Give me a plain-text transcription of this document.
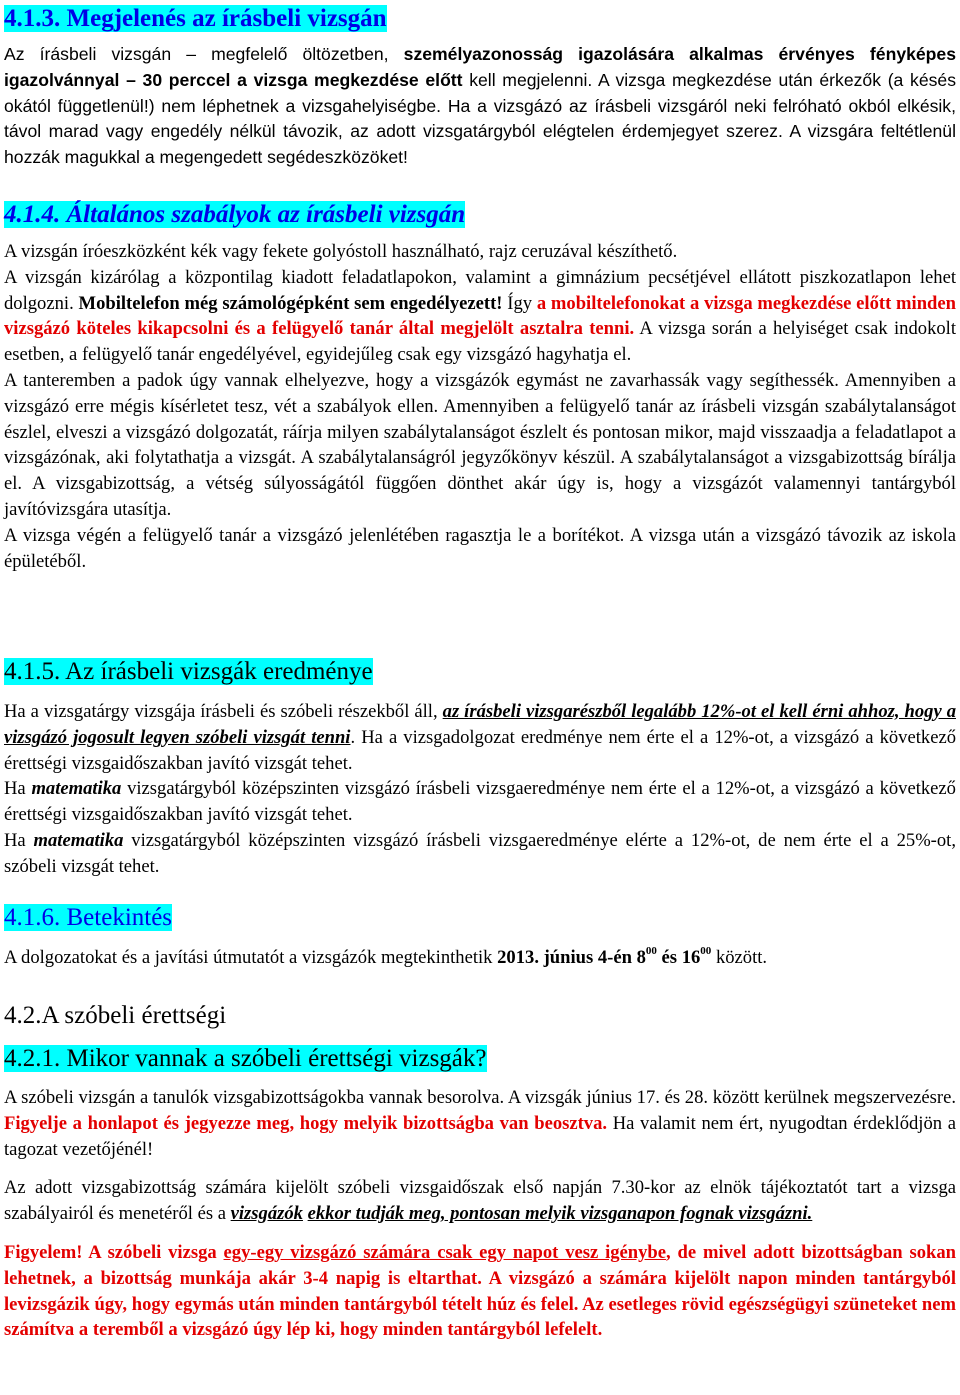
4.1.3. Megjelenés az írásbeli vizsgán

Az írásbeli vizsgán – megfelelő öltözetben, személyazonosság igazolására alkalmas érvényes fényképes igazolvánnyal – 30 perccel a vizsga megkezdése előtt kell megjelenni. A vizsga megkezdése után érkezők (a késés okától függetlenül!) nem léphetnek a vizsgahelyiségbe. Ha a vizsgázó az írásbeli vizsgáról neki felróható okból elkésik, távol marad vagy engedély nélkül távozik, az adott vizsgatárgyból elégtelen érdemjegyet szerez. A vizsgára feltétlenül hozzák magukkal a megengedett segédeszközöket!

4.1.4. Általános szabályok az írásbeli vizsgán

A vizsgán íróeszközként kék vagy fekete golyóstoll használható, rajz ceruzával készíthető.

A vizsgán kizárólag a központilag kiadott feladatlapokon, valamint a gimnázium pecsétjével ellátott piszkozatlapon lehet dolgozni. Mobiltelefon még számológépként sem engedélyezett! Így a mobiltelefonokat a vizsga megkezdése előtt minden vizsgázó köteles kikapcsolni és a felügyelő tanár által megjelölt asztalra tenni. A vizsga során a helyiséget csak indokolt esetben, a felügyelő tanár engedélyével, egyidejűleg csak egy vizsgázó hagyhatja el.

A tanteremben a padok úgy vannak elhelyezve, hogy a vizsgázók egymást ne zavarhassák vagy segíthessék. Amennyiben a vizsgázó erre mégis kísérletet tesz, vét a szabályok ellen. Amennyiben a felügyelő tanár az írásbeli vizsgán szabálytalanságot észlel, elveszi a vizsgázó dolgozatát, ráírja milyen szabálytalanságot észlelt és pontosan mikor, majd visszaadja a feladatlapot a vizsgázónak, aki folytathatja a vizsgát. A szabálytalanságról jegyzőkönyv készül. A szabálytalanságot a vizsgabizottság bírálja el. A vizsgabizottság, a vétség súlyosságától függően dönthet akár úgy is, hogy a vizsgázót valamennyi tantárgyból javítóvizsgára utasítja.

A vizsga végén a felügyelő tanár a vizsgázó jelenlétében ragasztja le a borítékot. A vizsga után a vizsgázó távozik az iskola épületéből.

4.1.5. Az írásbeli vizsgák eredménye

Ha a vizsgatárgy vizsgája írásbeli és szóbeli részekből áll, az írásbeli vizsgarészből legalább 12%-ot el kell érni ahhoz, hogy a vizsgázó jogosult legyen szóbeli vizsgát tenni. Ha a vizsgadolgozat eredménye nem érte el a 12%-ot, a vizsgázó a következő érettségi vizsgaidőszakban javító vizsgát tehet.

Ha matematika vizsgatárgyból középszinten vizsgázó írásbeli vizsgaeredménye nem érte el a 12%-ot, a vizsgázó a következő érettségi vizsgaidőszakban javító vizsgát tehet.

Ha matematika vizsgatárgyból középszinten vizsgázó írásbeli vizsgaeredménye elérte a 12%-ot, de nem érte el a 25%-ot, szóbeli vizsgát tehet.

4.1.6. Betekintés

A dolgozatokat és a javítási útmutatót a vizsgázók megtekinthetik 2013. június 4-én $8^{00}$ és $16^{00}$ között.

4.2.A szóbeli érettségi
4.2.1. Mikor vannak a szóbeli érettségi vizsgák?

A szóbeli vizsgán a tanulók vizsgabizottságokba vannak besorolva. A vizsgák június 17. és 28. között kerülnek megszervezésre. Figyelje a honlapot és jegyezze meg, hogy melyik bizottságba van beosztva. Ha valamit nem ért, nyugodtan érdeklődjön a tagozat vezetőjénél!

Az adott vizsgabizottság számára kijelölt szóbeli vizsgaidőszak első napján 7.30-kor az elnök tájékoztatót tart a vizsga szabályairól és menetéről és a vizsgázók ekkor tudják meg, pontosan melyik vizsganapon fognak vizsgázni.

Figyelem! A szóbeli vizsga egy-egy vizsgázó számára csak egy napot vesz igénybe, de mivel adott bizottságban sokan lehetnek, a bizottság munkája akár 3-4 napig is eltarthat. A vizsgázó a számára kijelölt napon minden tantárgyból levizsgázik úgy, hogy egymás után minden tantárgyból tételt húz és felel. Az esetleges rövid egészségügyi szüneteket nem számítva a teremből a vizsgázó úgy lép ki, hogy minden tantárgyból lefelelt.
